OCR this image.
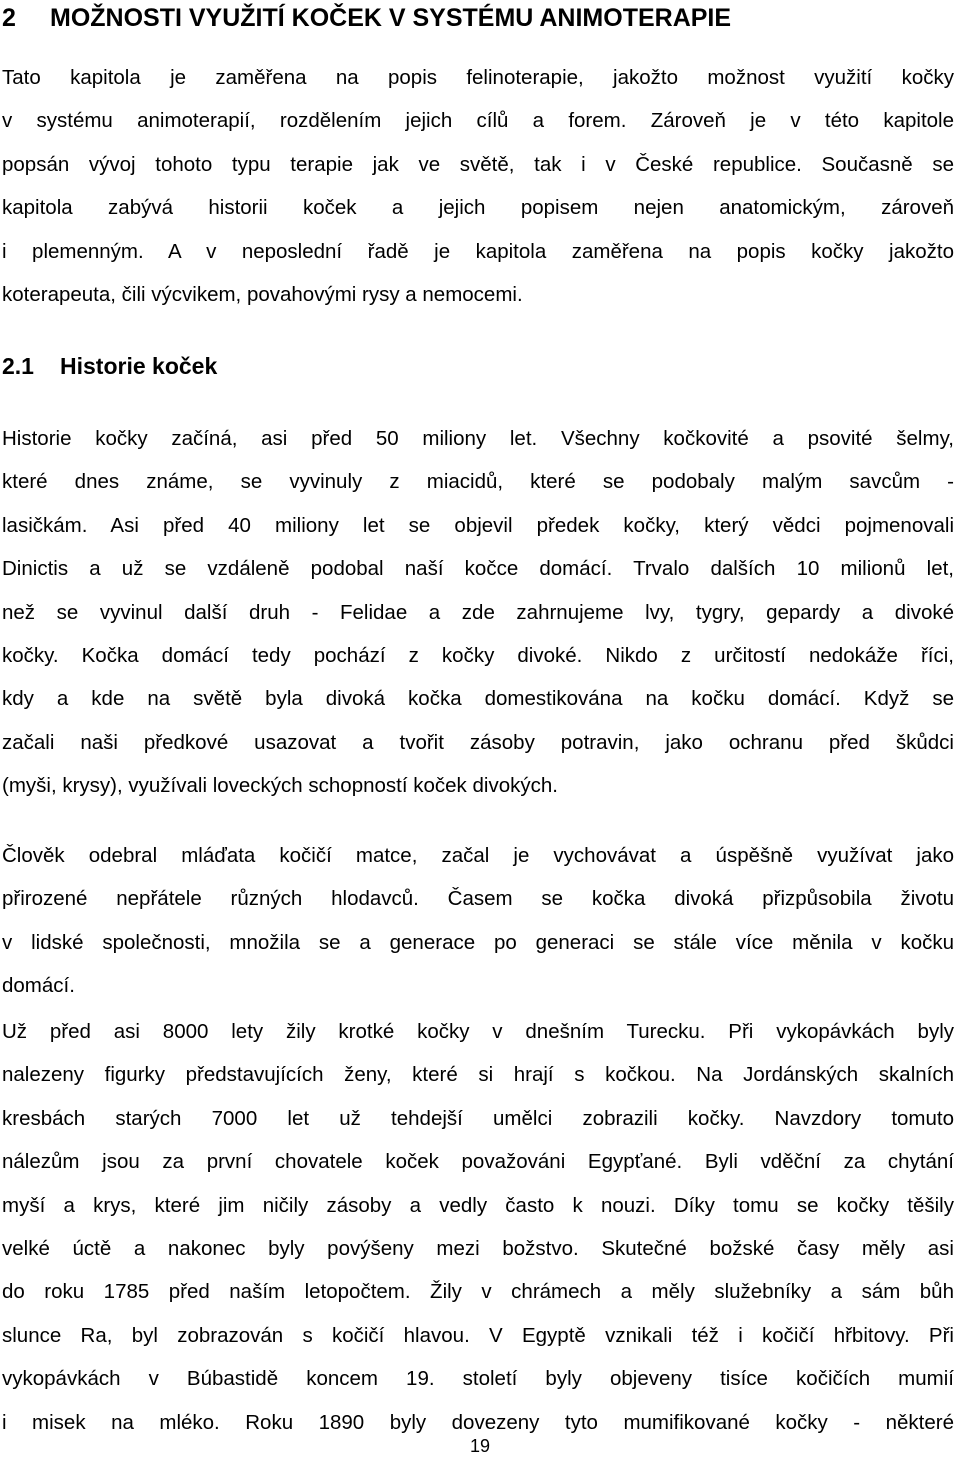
2 MOŽNOSTI VYUŽITÍ KOČEK V SYSTÉMU ANIMOTERAPIE

Tato kapitola je zaměřena na popis felinoterapie, jakožto možnost využití kočky
v systému animoterapií, rozdělením jejich cílů a forem. Zároveň je v této kapitole
popsán vývoj tohoto typu terapie jak ve světě, tak i v České republice. Současně se
kapitola zabývá historii koček a jejich popisem nejen anatomickým, zároveň
i plemenným. A v neposlední řadě je kapitola zaměřena na popis kočky jakožto
koterapeuta, čili výcvikem, povahovými rysy a nemocemi.

2.1 Historie koček

Historie kočky začíná, asi před 50 miliony let. Všechny kočkovité a psovité šelmy,
které dnes známe, se vyvinuly z miacidů, které se podobaly malým savcům -
lasičkám. Asi před 40 miliony let se objevil předek kočky, který vědci pojmenovali
Dinictis a už se vzdáleně podobal naší kočce domácí. Trvalo dalších 10 milionů let,
než se vyvinul další druh - Felidae a zde zahrnujeme lvy, tygry, gepardy a divoké
kočky. Kočka domácí tedy pochází z kočky divoké. Nikdo z určitostí nedokáže říci,
kdy a kde na světě byla divoká kočka domestikována na kočku domácí. Když se
začali naši předkové usazovat a tvořit zásoby potravin, jako ochranu před škůdci
(myši, krysy), využívali loveckých schopností koček divokých.

Člověk odebral mláďata kočičí matce, začal je vychovávat a úspěšně využívat jako
přirozené nepřátele různých hlodavců. Časem se kočka divoká přizpůsobila životu
v lidské společnosti, množila se a generace po generaci se stále více měnila v kočku
domácí.

Už před asi 8000 lety žily krotké kočky v dnešním Turecku. Při vykopávkách byly
nalezeny figurky představujících ženy, které si hrají s kočkou. Na Jordánských skalních
kresbách starých 7000 let už tehdejší umělci zobrazili kočky. Navzdory tomuto
nálezům jsou za první chovatele koček považováni Egypťané. Byli vděční za chytání
myší a krys, které jim ničily zásoby a vedly často k nouzi. Díky tomu se kočky těšily
velké úctě a nakonec byly povýšeny mezi božstvo. Skutečné božské časy měly asi
do roku 1785 před naším letopočtem. Žily v chrámech a měly služebníky a sám bůh
slunce Ra, byl zobrazován s kočičí hlavou. V Egyptě vznikali též i kočičí hřbitovy. Při
vykopávkách v Búbastidě koncem 19. století byly objeveny tisíce kočičích mumií
i misek na mléko. Roku 1890 byly dovezeny tyto mumifikované kočky - některé

19
